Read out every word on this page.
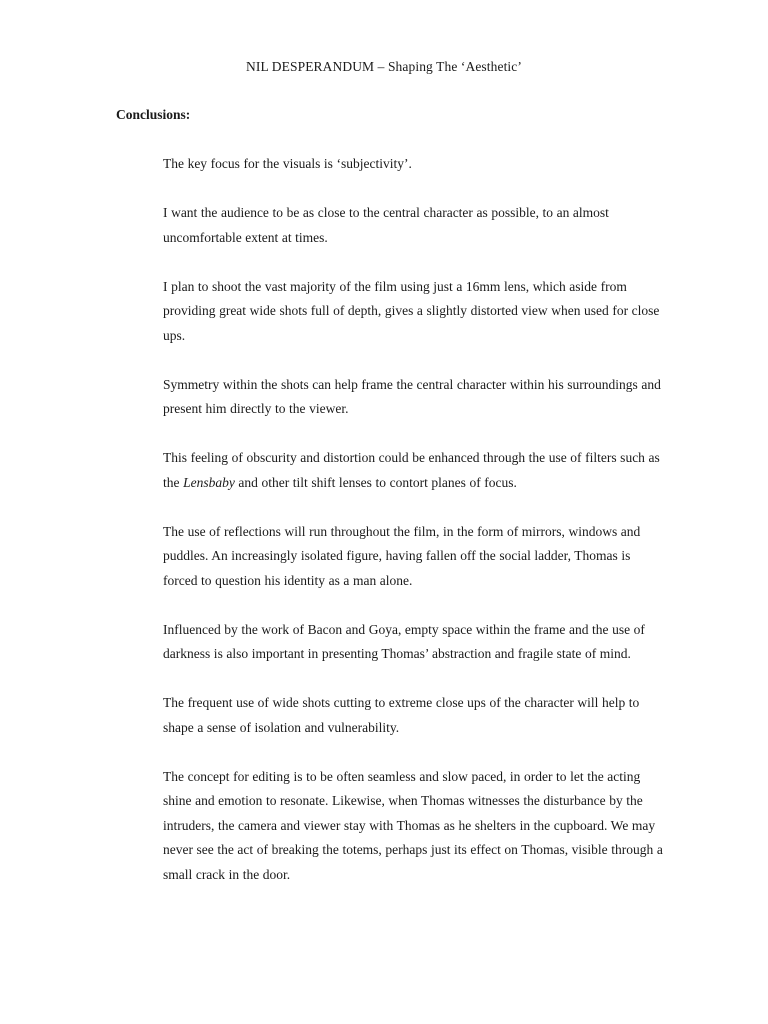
NIL DESPERANDUM – Shaping The ‘Aesthetic’
Conclusions:

The key focus for the visuals is ‘subjectivity’.

I want the audience to be as close to the central character as possible, to an almost uncomfortable extent at times.

I plan to shoot the vast majority of the film using just a 16mm lens, which aside from providing great wide shots full of depth, gives a slightly distorted view when used for close ups.

Symmetry within the shots can help frame the central character within his surroundings and present him directly to the viewer.

This feeling of obscurity and distortion could be enhanced through the use of filters such as the Lensbaby and other tilt shift lenses to contort planes of focus.

The use of reflections will run throughout the film, in the form of mirrors, windows and puddles. An increasingly isolated figure, having fallen off the social ladder, Thomas is forced to question his identity as a man alone.

Influenced by the work of Bacon and Goya, empty space within the frame and the use of darkness is also important in presenting Thomas’ abstraction and fragile state of mind.

The frequent use of wide shots cutting to extreme close ups of the character will help to shape a sense of isolation and vulnerability.

The concept for editing is to be often seamless and slow paced, in order to let the acting shine and emotion to resonate. Likewise, when Thomas witnesses the disturbance by the intruders, the camera and viewer stay with Thomas as he shelters in the cupboard. We may never see the act of breaking the totems, perhaps just its effect on Thomas, visible through a small crack in the door.
